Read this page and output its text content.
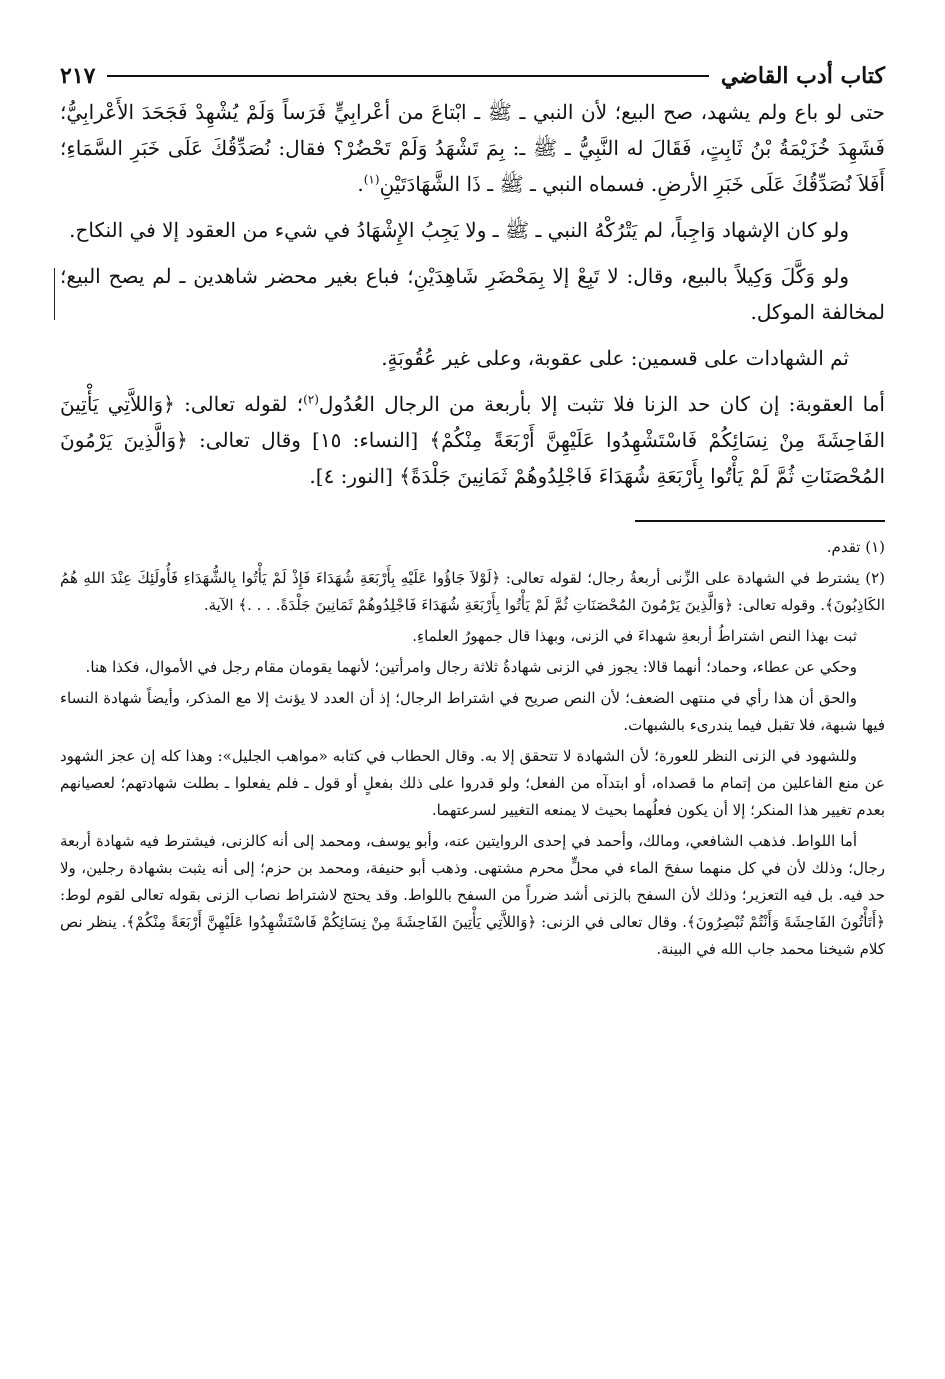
كتاب أدب القاضي
٢١٧

حتى لو باع ولم يشهد، صح البيع؛ لأن النبي ـ ﷺ ـ ابْتاعَ من أعْرابِيٍّ فَرَساً وَلَمْ يُشْهِدْ فَجَحَدَ الأَعْرابِيُّ؛ فَشَهِدَ خُزَيْمَةُ بْنُ ثَابِتٍ، فَقَالَ له النَّبِيُّ ـ ﷺ ـ: بِمَ تَشْهَدُ وَلَمْ تَحْضُرْ؟ فقال: نُصَدِّقُكَ عَلَى خَبَرِ السَّمَاءِ؛ أَفَلاَ نُصَدِّقُكَ عَلَى خَبَرِ الأرضِ. فسماه النبي ـ ﷺ ـ ذَا الشَّهَادَتَيْنِ$^{(١)}$.

ولو كان الإشهاد وَاجِباً، لم يَتْرُكْهُ النبي ـ ﷺ ـ ولا يَجِبُ الإِشْهَادُ في شيء من العقود إلا في النكاح.

ولو وَكَّلَ وَكِيلاً بالبيع، وقال: لا تَبِعْ إلا بِمَحْضَرِ شَاهِدَيْنِ؛ فباع بغير محضر شاهدين ـ لم يصح البيع؛ لمخالفة الموكل.

ثم الشهادات على قسمين: على عقوبة، وعلى غير عُقُوبَةٍ.

أما العقوبة: إن كان حد الزنا فلا تثبت إلا بأربعة من الرجال العُدُول$^{(٢)}$؛ لقوله تعالى: ﴿وَاللاَّتِي يَأْتِينَ الفَاحِشَةَ مِنْ نِسَائِكُمْ فَاسْتَشْهِدُوا عَلَيْهِنَّ أَرْبَعَةً مِنْكُمْ﴾ [النساء: ١٥] وقال تعالى: ﴿وَالَّذِينَ يَرْمُونَ المُحْصَنَاتِ ثُمَّ لَمْ يَأْتُوا بِأَرْبَعَةِ شُهَدَاءَ فَاجْلِدُوهُمْ ثَمَانِينَ جَلْدَةً﴾ [النور: ٤].

(١) تقدم.

(٢) يشترط في الشهادة على الزِّنى أربعةُ رجال؛ لقوله تعالى: ﴿لَوْلاَ جَاؤُوا عَلَيْهِ بِأَرْبَعَةِ شُهَدَاءَ فَإِذْ لَمْ يَأْتُوا بِالشُّهَدَاءِ فَأُولَئِكَ عِنْدَ اللهِ هُمُ الكَاذِبُونَ﴾. وقوله تعالى: ﴿وَالَّذِينَ يَرْمُونَ المُحْصَنَاتِ ثُمَّ لَمْ يَأْتُوا بِأَرْبَعَةِ شُهَدَاءَ فَاجْلِدُوهُمْ ثَمَانِينَ جَلْدَةً. . . .﴾ الآية.

ثبت بهذا النص اشتراطُ أربعةِ شهداءَ في الزنى، وبهذا قال جمهورُ العلماءِ.

وحكي عن عطاء، وحماد؛ أنهما قالا: يجوز في الزنى شهادةُ ثلاثة رجال وامرأتين؛ لأنهما يقومان مقام رجل في الأموال، فكذا هنا.

والحق أن هذا رأي في منتهى الضعف؛ لأن النص صريح في اشتراط الرجال؛ إذ أن العدد لا يؤنث إلا مع المذكر، وأيضاً شهادة النساء فيها شبهة، فلا تقبل فيما يندرىء بالشبهات.

وللشهود في الزنى النظر للعورة؛ لأن الشهادة لا تتحقق إلا به. وقال الحطاب في كتابه «مواهب الجليل»: وهذا كله إن عجز الشهود عن منع الفاعلين من إتمام ما قصداه، أو ابتدآه من الفعل؛ ولو قدروا على ذلك بفعلٍ أو قول ـ فلم يفعلوا ـ بطلت شهادتهم؛ لعصيانهم بعدم تغيير هذا المنكر؛ إلا أن يكون فعلُهما بحيث لا يمنعه التغيير لسرعتهما.

أما اللواط. فذهب الشافعي، ومالك، وأحمد في إحدى الروايتين عنه، وأبو يوسف، ومحمد إلى أنه كالزنى، فيشترط فيه شهادة أربعة رجال؛ وذلك لأن في كل منهما سفحَ الماء في محلٍّ محرم مشتهى. وذهب أبو حنيفة، ومحمد بن حزم؛ إلى أنه يثبت بشهادة رجلين، ولا حد فيه. بل فيه التعزير؛ وذلك لأن السفح بالزنى أشد ضرراً من السفح باللواط. وقد يحتج لاشتراط نصاب الزنى بقوله تعالى لقوم لوط: ﴿أَتَأْتُونَ الفَاحِشَةَ وَأَنْتُمْ تُبْصِرُونَ﴾. وقال تعالى في الزنى: ﴿وَاللاَّتِي يَأْتِينَ الفَاحِشَةَ مِنْ نِسَائِكُمْ فَاسْتَشْهِدُوا عَلَيْهِنَّ أَرْبَعَةً مِنْكُمْ﴾. ينظر نص كلام شيخنا محمد جاب الله في البينة.
